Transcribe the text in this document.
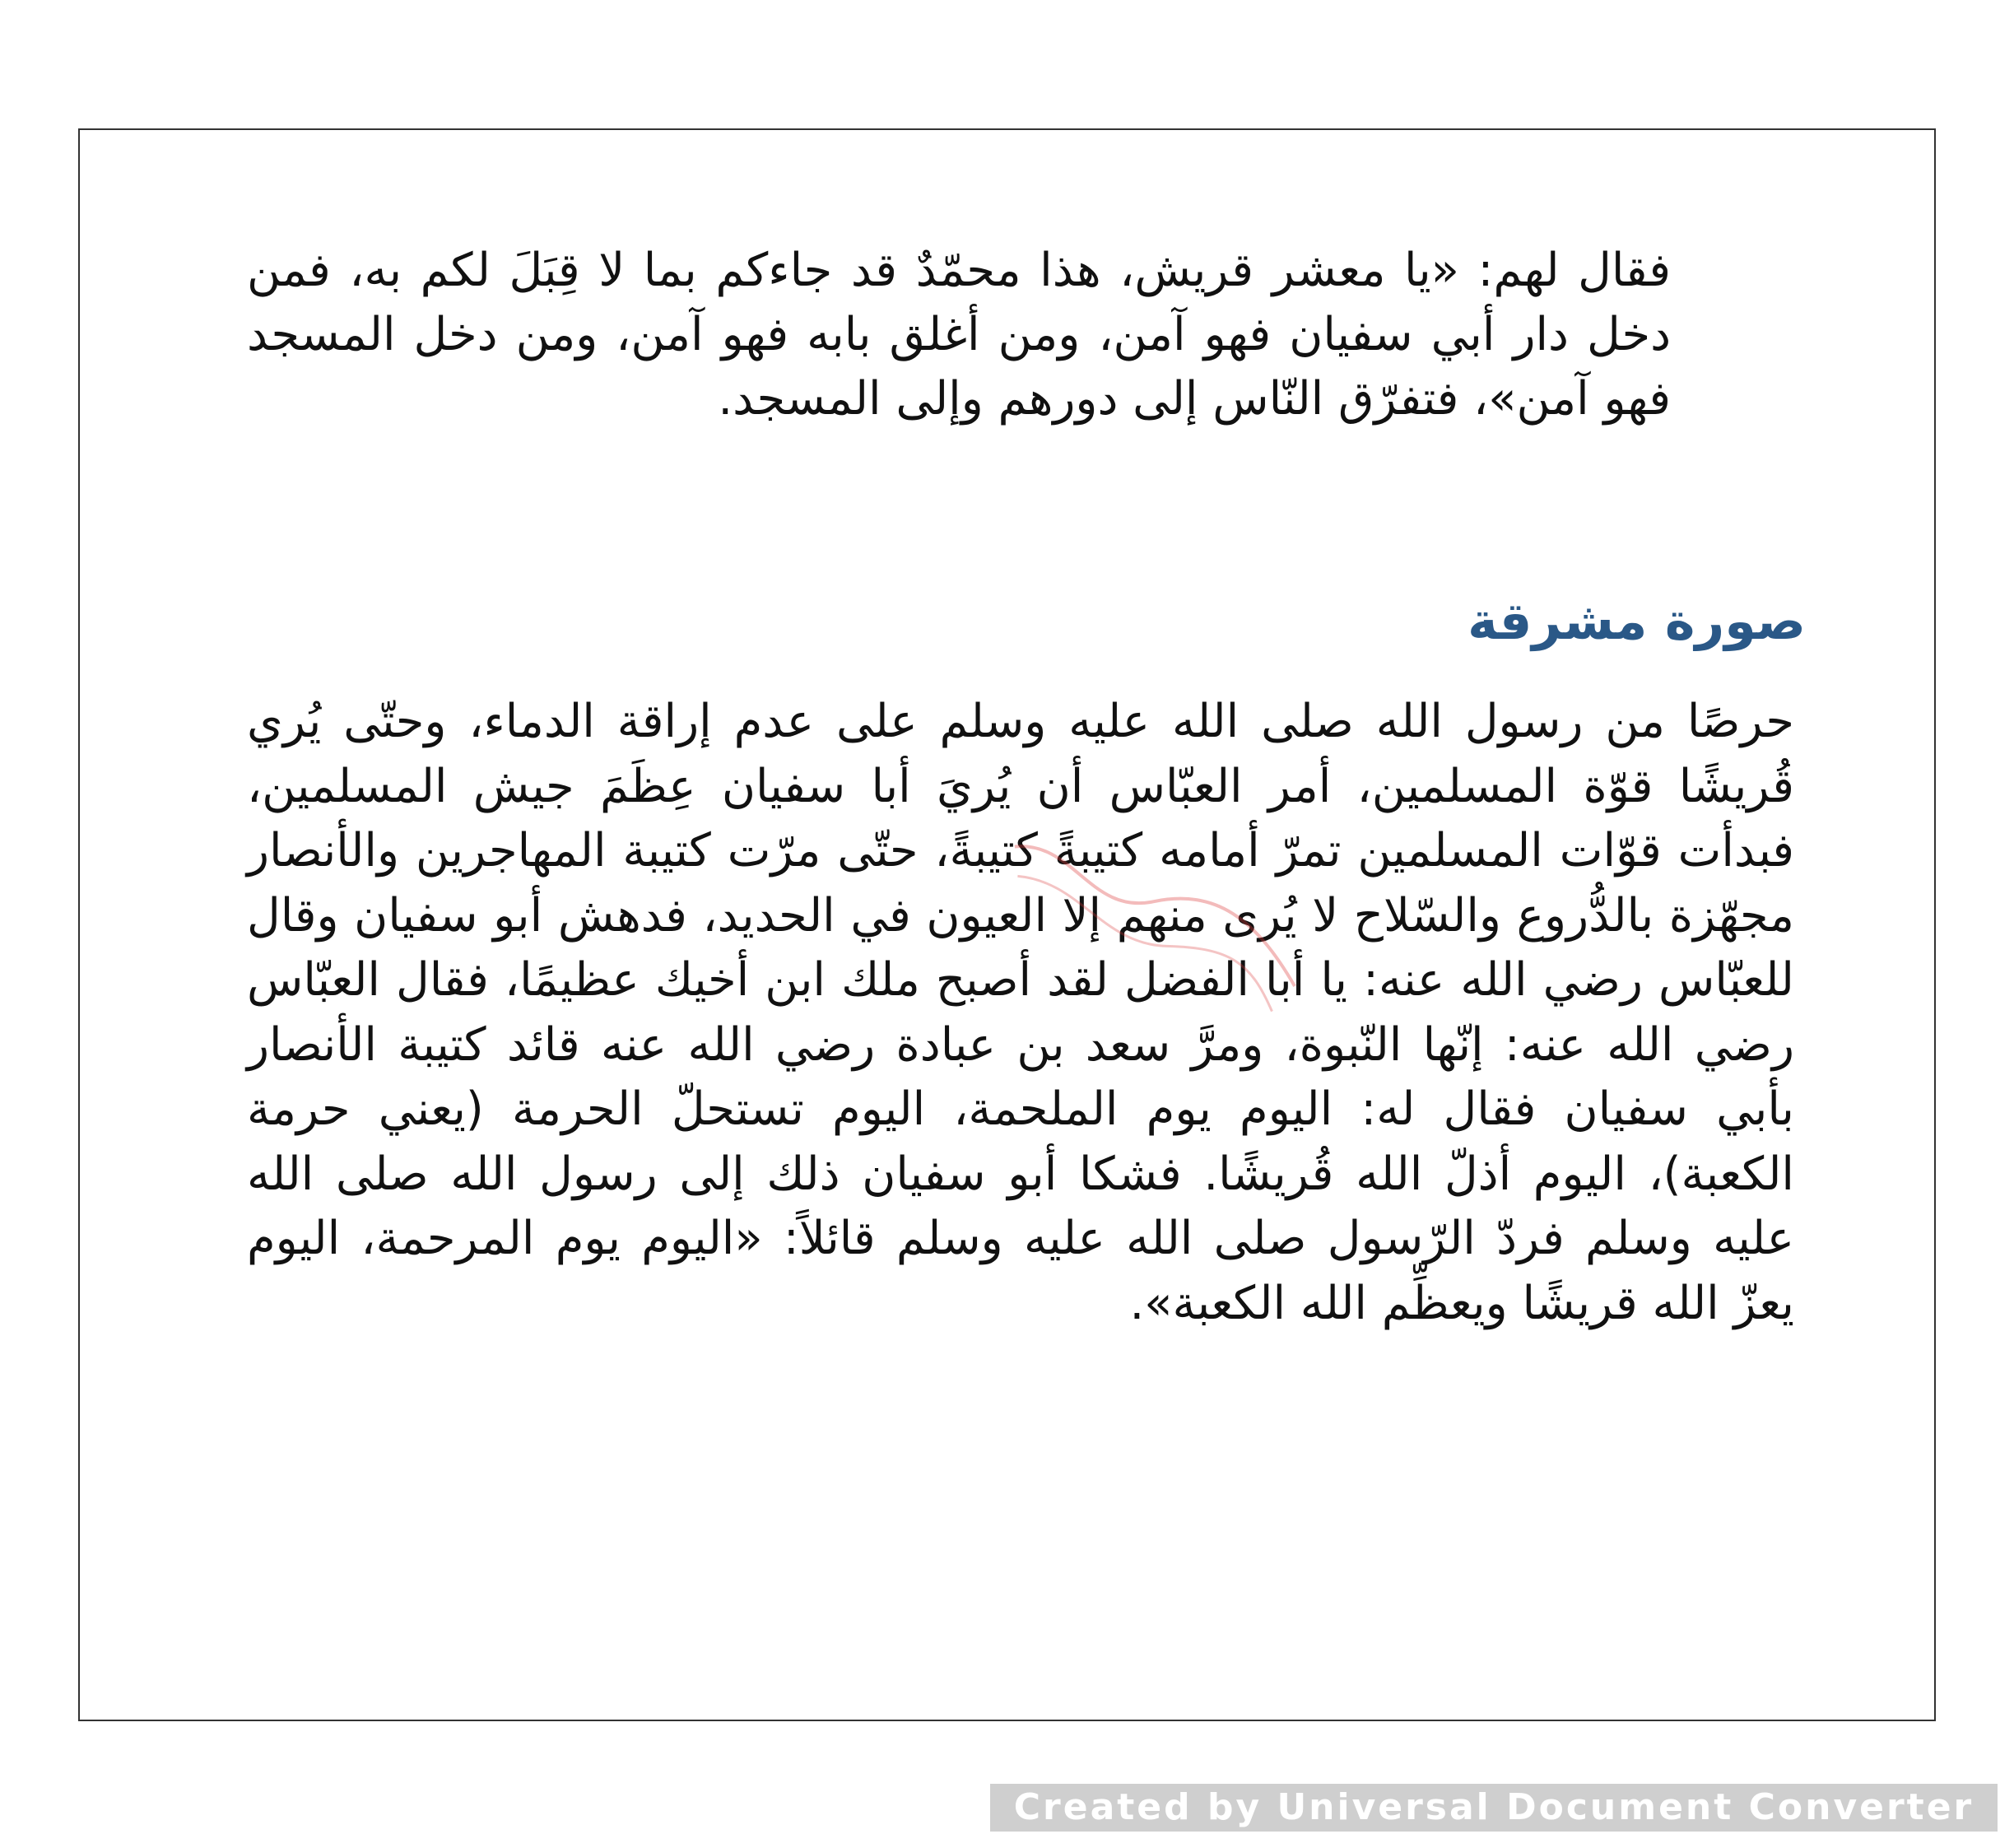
فقال لهم: «يا معشر قريش، هذا محمّدٌ قد جاءكم بما لا قِبَلَ لكم به، فمن دخل دار أبي سفيان فهو آمن، ومن أغلق بابه فهو آمن، ومن دخل المسجد فهو آمن»، فتفرّق النّاس إلى دورهم وإلى المسجد.

صورة مشرقة

حرصًا من رسول الله صلى الله عليه وسلم على عدم إراقة الدماء، وحتّى يُري قُريشًا قوّة المسلمين، أمر العبّاس أن يُريَ أبا سفيان عِظَمَ جيش المسلمين، فبدأت قوّات المسلمين تمرّ أمامه كتيبةً كتيبةً، حتّى مرّت كتيبة المهاجرين والأنصار مجهّزة بالدُّروع والسّلاح لا يُرى منهم إلا العيون في الحديد، فدهش أبو سفيان وقال للعبّاس رضي الله عنه: يا أبا الفضل لقد أصبح ملك ابن أخيك عظيمًا، فقال العبّاس رضي الله عنه: إنّها النّبوة، ومرَّ سعد بن عبادة رضي الله عنه قائد كتيبة الأنصار بأبي سفيان فقال له: اليوم يوم الملحمة، اليوم تستحلّ الحرمة (يعني حرمة الكعبة)، اليوم أذلّ الله قُريشًا. فشكا أبو سفيان ذلك إلى رسول الله صلى الله عليه وسلم فردّ الرّسول صلى الله عليه وسلم قائلاً: «اليوم يوم المرحمة، اليوم يعزّ الله قريشًا ويعظِّم الله الكعبة».

Created by Universal Document Converter
